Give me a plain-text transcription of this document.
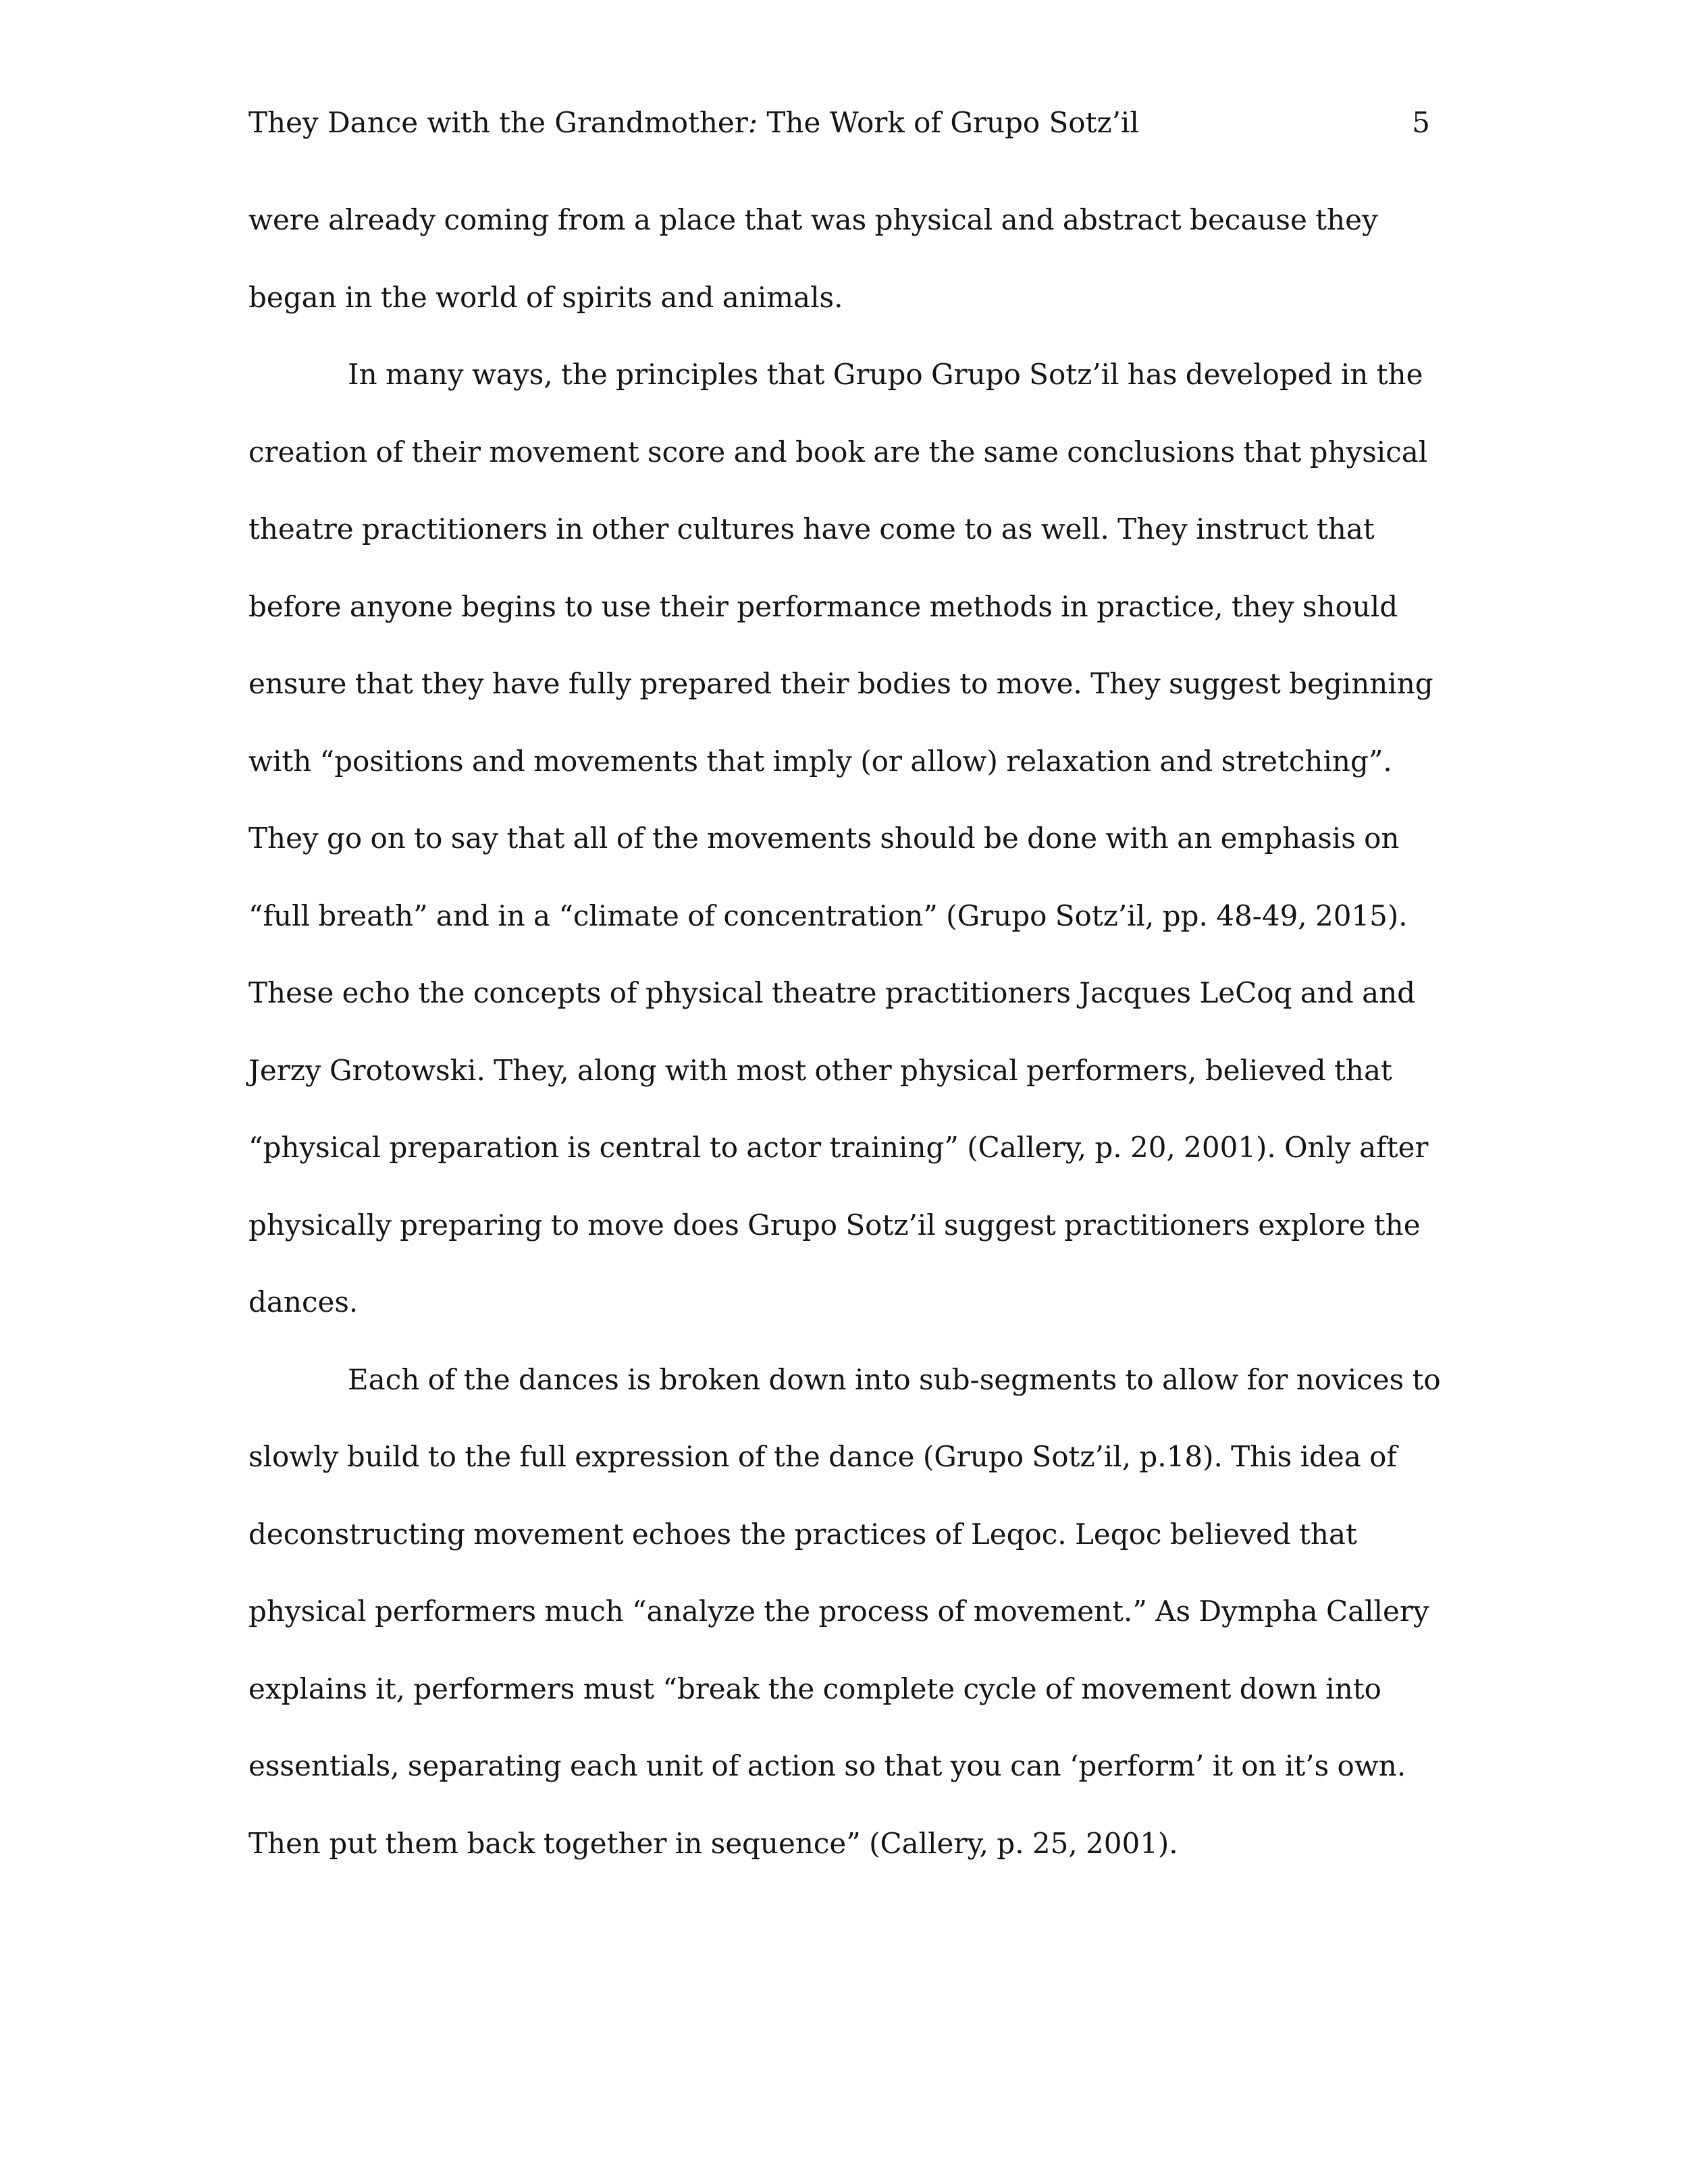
They Dance with the Grandmother: The Work of Grupo Sotz’il	5
were already coming from a place that was physical and abstract because they
began in the world of spirits and animals.
In many ways, the principles that Grupo Grupo Sotz’il has developed in the
creation of their movement score and book are the same conclusions that physical
theatre practitioners in other cultures have come to as well. They instruct that
before anyone begins to use their performance methods in practice, they should
ensure that they have fully prepared their bodies to move. They suggest beginning
with “positions and movements that imply (or allow) relaxation and stretching”.
They go on to say that all of the movements should be done with an emphasis on
“full breath” and in a “climate of concentration” (Grupo Sotz’il, pp. 48-49, 2015).
These echo the concepts of physical theatre practitioners Jacques LeCoq and and
Jerzy Grotowski. They, along with most other physical performers, believed that
“physical preparation is central to actor training” (Callery, p. 20, 2001). Only after
physically preparing to move does Grupo Sotz’il suggest practitioners explore the
dances.
Each of the dances is broken down into sub-segments to allow for novices to
slowly build to the full expression of the dance (Grupo Sotz’il, p.18). This idea of
deconstructing movement echoes the practices of Leqoc. Leqoc believed that
physical performers much “analyze the process of movement.” As Dympha Callery
explains it, performers must “break the complete cycle of movement down into
essentials, separating each unit of action so that you can ‘perform’ it on it’s own.
Then put them back together in sequence” (Callery, p. 25, 2001).
